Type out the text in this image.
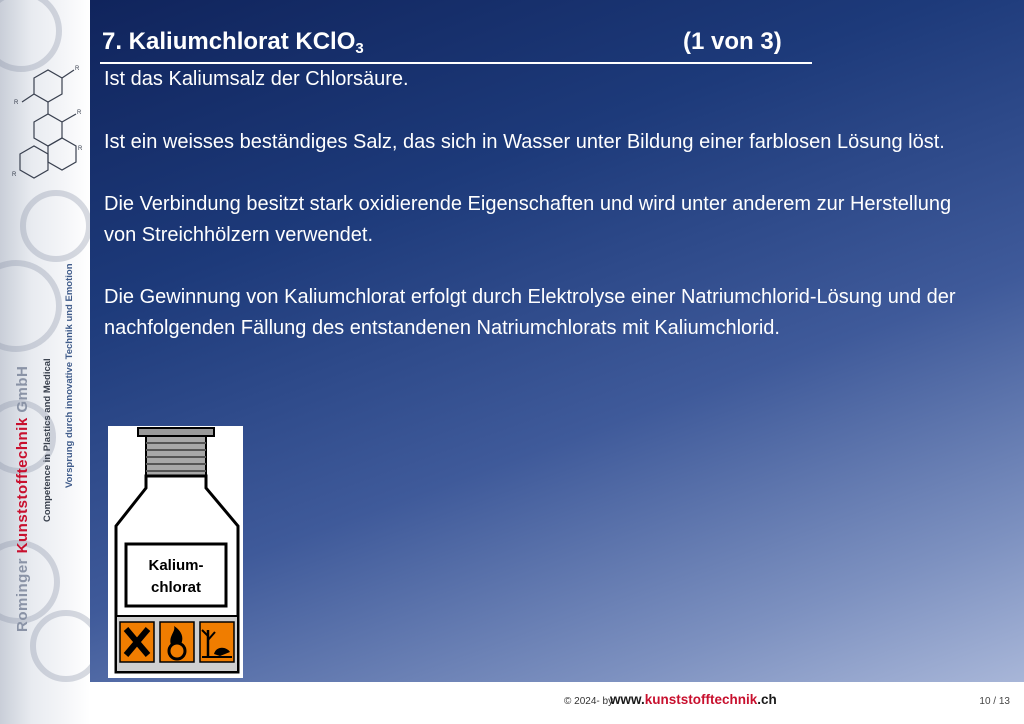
R
R
R
R
R
Rominger Kunststofftechnik GmbH Competence in Plastics and Medical Vorsprung durch innovative Technik und Emotion
7. Kaliumchlorat KClO$_3$	(1 von 3)

Ist das Kaliumsalz der Chlorsäure.

Ist ein weisses beständiges Salz, das sich in Wasser unter Bildung einer farblosen Lösung löst.

Die Verbindung besitzt stark oxidierende Eigenschaften und wird unter anderem zur Herstellung von Streichhölzern verwendet.

Die Gewinnung von Kaliumchlorat erfolgt durch Elektrolyse einer Natriumchlorid-Lösung und der nachfolgenden Fällung des entstandenen Natriumchlorats mit Kaliumchlorid.

Kalium-
chlorat
© 2024- by
www.kunststofftechnik.ch	10 / 13
